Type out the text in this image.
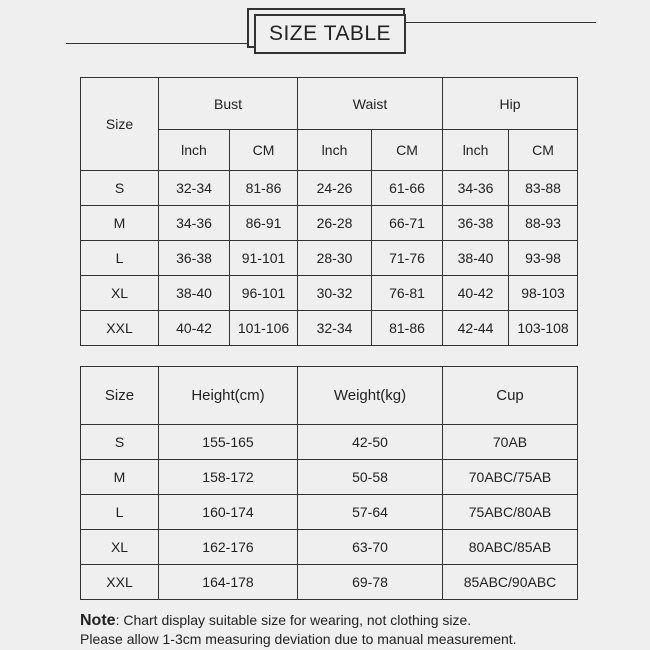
SIZE TABLE
Size	Bust		Waist		Hip	
	lnch	CM	lnch	CM	lnch	CM
S	32-34	81-86	24-26	61-66	34-36	83-88
M	34-36	86-91	26-28	66-71	36-38	88-93
L	36-38	91-101	28-30	71-76	38-40	93-98
XL	38-40	96-101	30-32	76-81	40-42	98-103
XXL	40-42	101-106	32-34	81-86	42-44	103-108
Size	Height(cm)	Weight(kg)	Cup
S	155-165	42-50	70AB
M	158-172	50-58	70ABC/75AB
L	160-174	57-64	75ABC/80AB
XL	162-176	63-70	80ABC/85AB
XXL	164-178	69-78	85ABC/90ABC
Note: Chart display suitable size for wearing, not clothing size.
Please allow 1-3cm measuring deviation due to manual measurement.
